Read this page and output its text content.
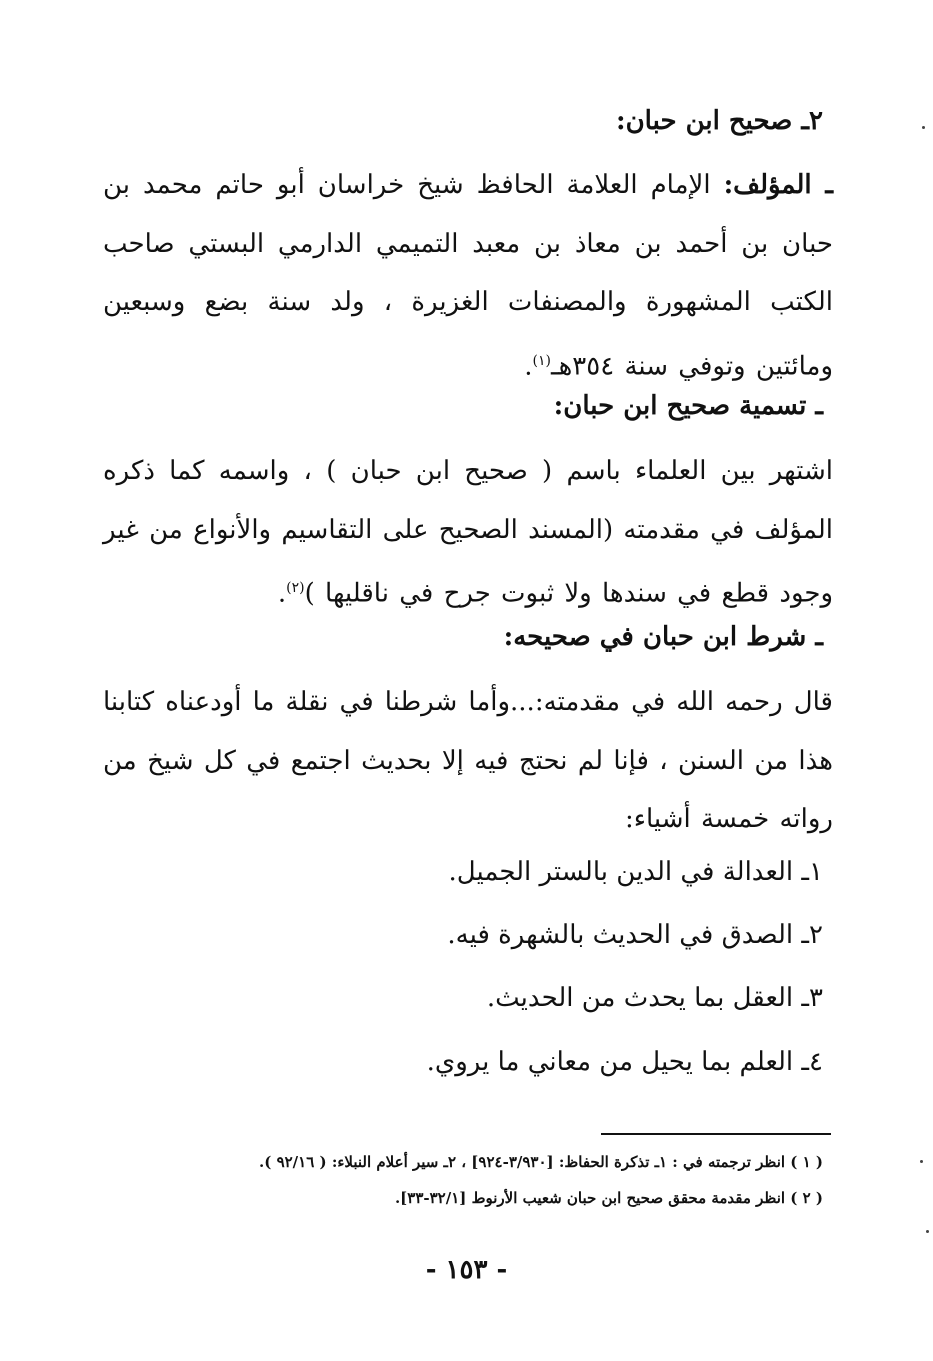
٢ـ صحيح ابن حبان:
ـ المؤلف: الإمام العلامة الحافظ شيخ خراسان أبو حاتم محمد بن حبان بن أحمد بن معاذ بن معبد التميمي الدارمي البستي صاحب الكتب المشهورة والمصنفات الغزيرة ، ولد سنة بضع وسبعين ومائتين وتوفي سنة ٣٥٤هـ$^{(١)}$.
ـ تسمية صحيح ابن حبان:
اشتهر بين العلماء باسم ( صحيح ابن حبان ) ، واسمه كما ذكره المؤلف في مقدمته (المسند الصحيح على التقاسيم والأنواع من غير وجود قطع في سندها ولا ثبوت جرح في ناقليها )$^{(٢)}$.
ـ شرط ابن حبان في صحيحه:
قال رحمه الله في مقدمته:...وأما شرطنا في نقلة ما أودعناه كتابنا هذا من السنن ، فإنا لم نحتج فيه إلا بحديث اجتمع في كل شيخ من رواته خمسة أشياء:
١ـ العدالة في الدين بالستر الجميل.
٢ـ الصدق في الحديث بالشهرة فيه.
٣ـ العقل بما يحدث من الحديث.
٤ـ العلم بما يحيل من معاني ما يروي.
( ١ ) انظر ترجمته في : ١ـ تذكرة الحفاظ: [٣/٩٣٠-٩٢٤] ، ٢ـ سير أعلام النبلاء: ( ٩٢/١٦ ).
( ٢ ) انظر مقدمة محقق صحيح ابن حبان شعيب الأرنوط [٣٢/١-٣٣].
- ١٥٣ -
